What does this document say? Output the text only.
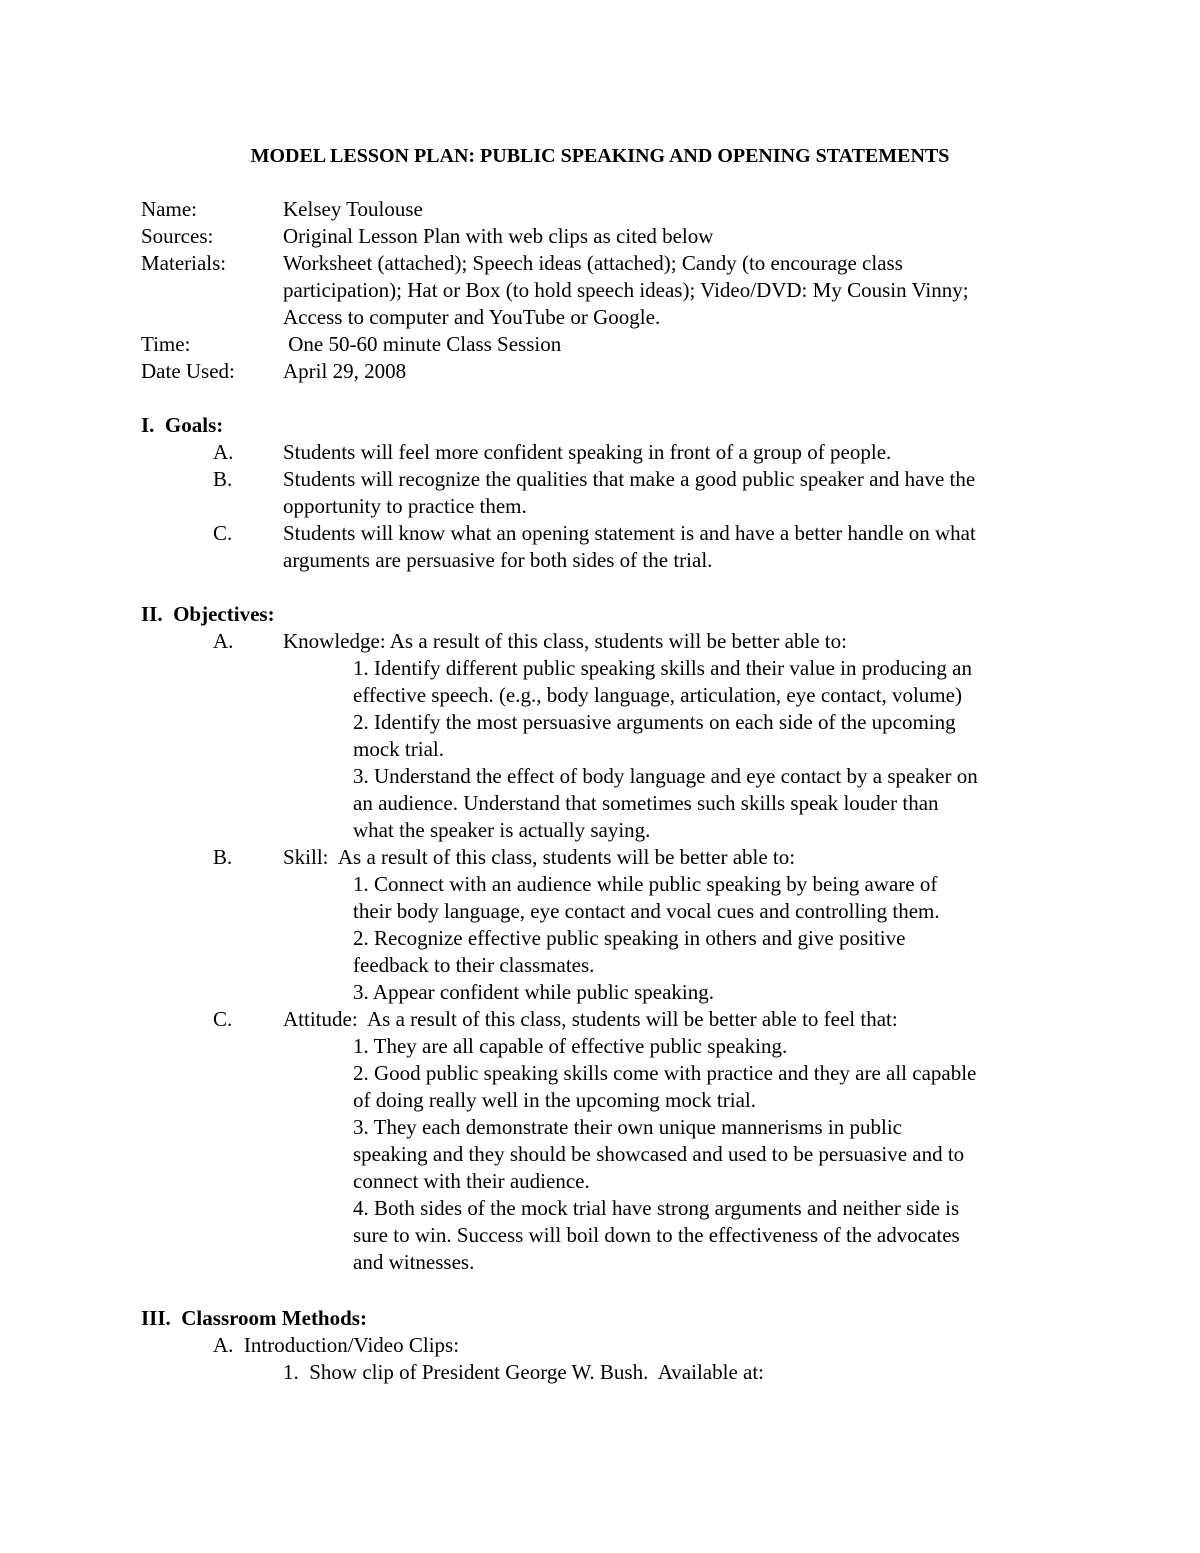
MODEL LESSON PLAN: PUBLIC SPEAKING AND OPENING STATEMENTS
Name:	Kelsey Toulouse
Sources:	Original Lesson Plan with web clips as cited below
Materials:	Worksheet (attached); Speech ideas (attached); Candy (to encourage class
participation); Hat or Box (to hold speech ideas); Video/DVD: My Cousin Vinny;
Access to computer and YouTube or Google.
Time:	One 50-60 minute Class Session
Date Used: April 29, 2008
I.  Goals:
A. Students will feel more confident speaking in front of a group of people.
B. Students will recognize the qualities that make a good public speaker and have the
opportunity to practice them.
C. Students will know what an opening statement is and have a better handle on what
arguments are persuasive for both sides of the trial.
II.  Objectives:
A. Knowledge: As a result of this class, students will be better able to:
1. Identify different public speaking skills and their value in producing an
effective speech. (e.g., body language, articulation, eye contact, volume)
2. Identify the most persuasive arguments on each side of the upcoming
mock trial.
3. Understand the effect of body language and eye contact by a speaker on
an audience. Understand that sometimes such skills speak louder than
what the speaker is actually saying.
B. Skill:  As a result of this class, students will be better able to:
1. Connect with an audience while public speaking by being aware of
their body language, eye contact and vocal cues and controlling them.
2. Recognize effective public speaking in others and give positive
feedback to their classmates.
3. Appear confident while public speaking.
C. Attitude:  As a result of this class, students will be better able to feel that:
1. They are all capable of effective public speaking.
2. Good public speaking skills come with practice and they are all capable
of doing really well in the upcoming mock trial.
3. They each demonstrate their own unique mannerisms in public
speaking and they should be showcased and used to be persuasive and to
connect with their audience.
4. Both sides of the mock trial have strong arguments and neither side is
sure to win. Success will boil down to the effectiveness of the advocates
and witnesses.
III.  Classroom Methods:
A.  Introduction/Video Clips:
1.  Show clip of President George W. Bush.  Available at:
